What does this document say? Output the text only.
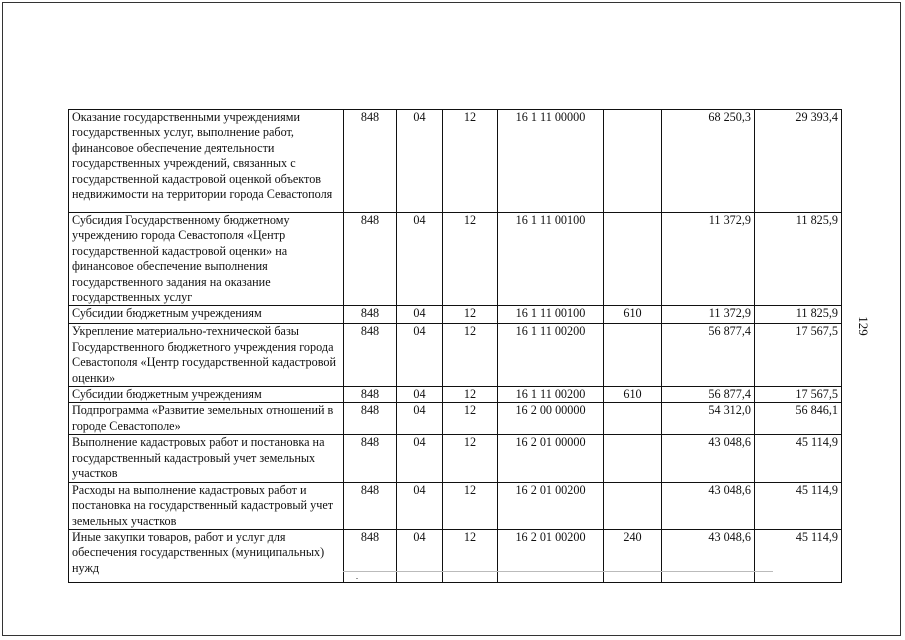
129
Оказание государственными учреждениями государственных услуг, выполнение работ, финансовое обеспечение деятельности государственных учреждений, связанных с государственной кадастровой оценкой объектов недвижимости на территории города Севастополя	848	04	12	16 1 11 00000		68 250,3	29 393,4
Субсидия Государственному бюджетному учреждению города Севастополя «Центр государственной кадастровой оценки» на финансовое обеспечение выполнения государственного задания на оказание государственных услуг	848	04	12	16 1 11 00100		11 372,9	11 825,9
Субсидии бюджетным учреждениям	848	04	12	16 1 11 00100	610	11 372,9	11 825,9
Укрепление материально-технической базы Государственного бюджетного учреждения города Севастополя «Центр государственной кадастровой оценки»	848	04	12	16 1 11 00200		56 877,4	17 567,5
Субсидии бюджетным учреждениям	848	04	12	16 1 11 00200	610	56 877,4	17 567,5
Подпрограмма «Развитие земельных отношений в городе Севастополе»	848	04	12	16 2 00 00000		54 312,0	56 846,1
Выполнение кадастровых работ и постановка на государственный кадастровый учет земельных участков	848	04	12	16 2 01 00000		43 048,6	45 114,9
Расходы на выполнение кадастровых работ и постановка на государственный кадастровый учет земельных участков	848	04	12	16 2 01 00200		43 048,6	45 114,9
Иные закупки товаров, работ и услуг для обеспечения государственных (муниципальных) нужд	848	04	12	16 2 01 00200	240	43 048,6	45 114,9
